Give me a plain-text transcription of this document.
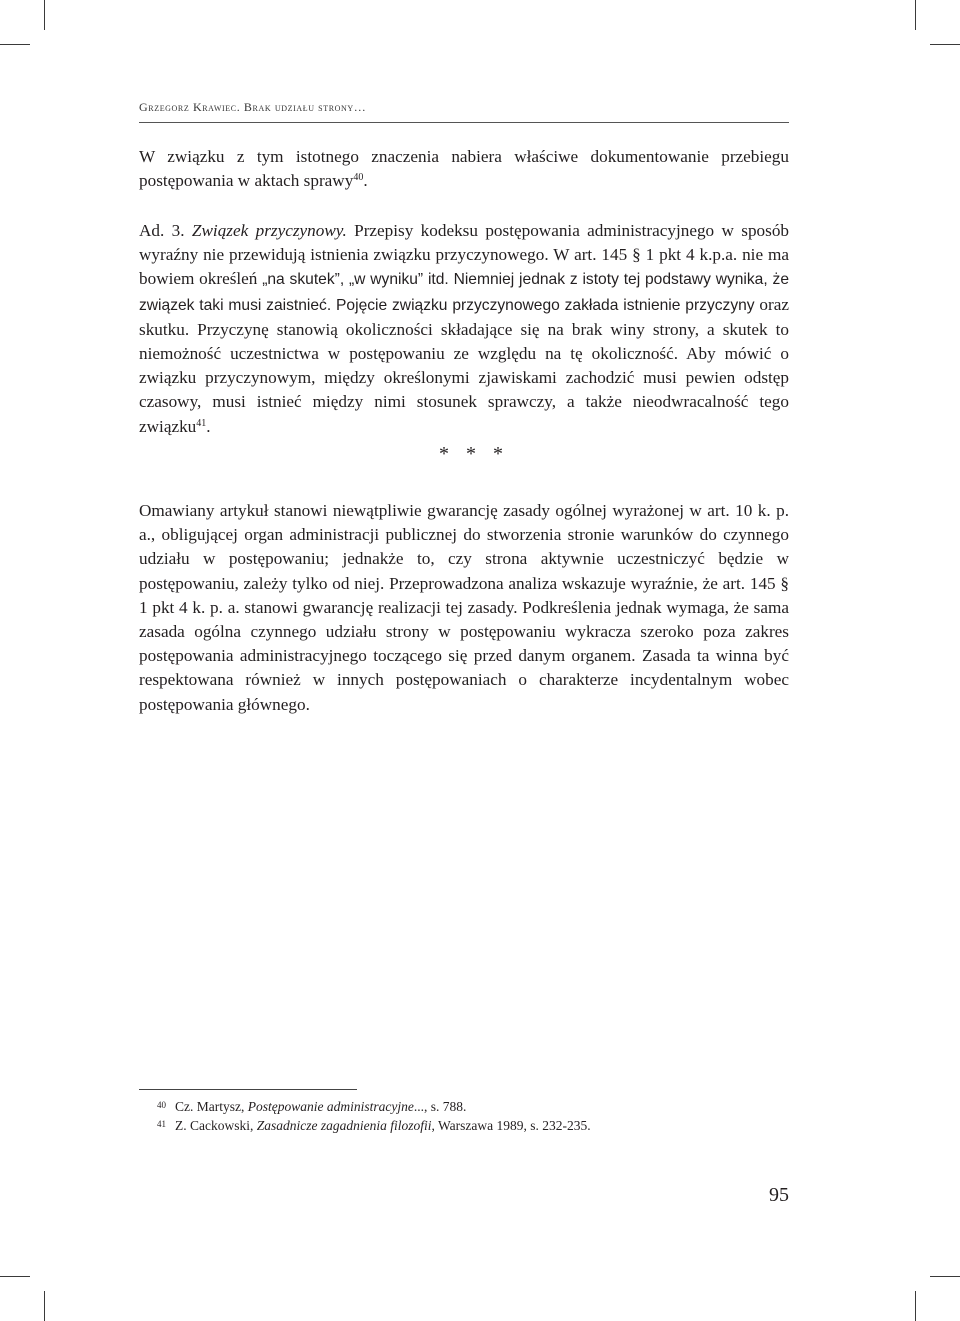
Grzegorz Krawiec. Brak udziału strony…

W związku z tym istotnego znaczenia nabiera właściwe dokumentowanie przebiegu postępowania w aktach sprawy$^{40}$.

Ad. 3. Związek przyczynowy. Przepisy kodeksu postępowania administracyjnego w sposób wyraźny nie przewidują istnienia związku przyczynowego. W art. 145 § 1 pkt 4 k.p.a. nie ma bowiem określeń „na skutek”, „w wyniku” itd. Niemniej jednak z istoty tej podstawy wynika, że związek taki musi zaistnieć. Pojęcie związku przyczynowego zakłada istnienie przyczyny oraz skutku. Przyczynę stanowią okoliczności składające się na brak winy strony, a skutek to niemożność uczestnictwa w postępowaniu ze względu na tę okoliczność. Aby mówić o związku przyczynowym, między określonymi zjawiskami zachodzić musi pewien odstęp czasowy, musi istnieć między nimi stosunek sprawczy, a także nieodwracalność tego związku$^{41}$.

* * *

Omawiany artykuł stanowi niewątpliwie gwarancję zasady ogólnej wyrażonej w art. 10 k. p. a., obligującej organ administracji publicznej do stworzenia stronie warunków do czynnego udziału w postępowaniu; jednakże to, czy strona aktywnie uczestniczyć będzie w postępowaniu, zależy tylko od niej. Przeprowadzona analiza wskazuje wyraźnie, że art. 145 § 1 pkt 4 k. p. a. stanowi gwarancję realizacji tej zasady. Podkreślenia jednak wymaga, że sama zasada ogólna czynnego udziału strony w postępowaniu wykracza szeroko poza zakres postępowania administracyjnego toczącego się przed danym organem. Zasada ta winna być respektowana również w innych postępowaniach o charakterze incydentalnym wobec postępowania głównego.

40 Cz. Martysz, Postępowanie administracyjne..., s. 788.
41 Z. Cackowski, Zasadnicze zagadnienia filozofii, Warszawa 1989, s. 232-235.
95
